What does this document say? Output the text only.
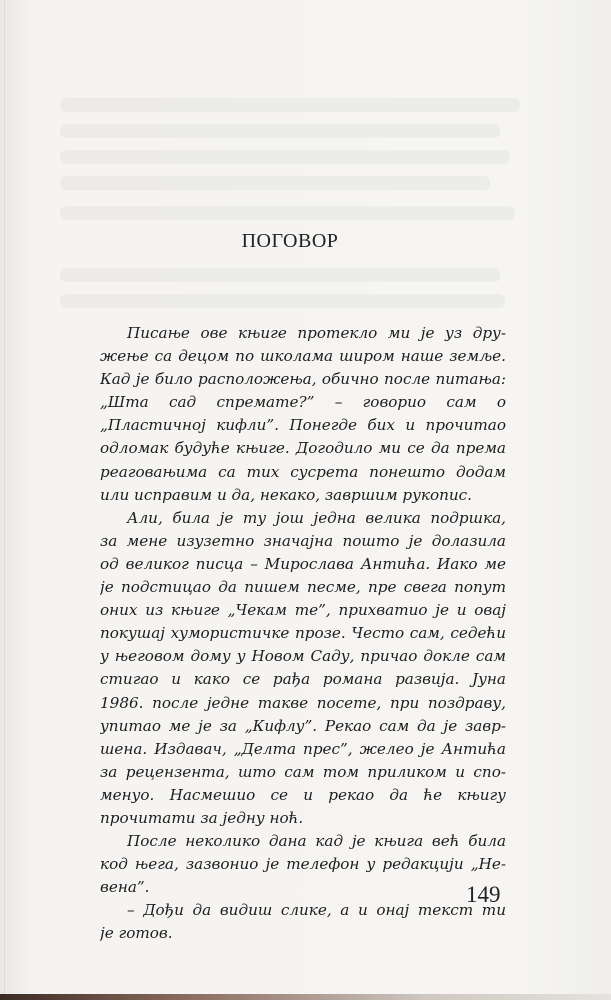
ПОГОВОР
Писање ове књиге протекло ми је уз дру-
жење са децом по школама широм наше земље.
Кад је било расположења, обично после питања:
„Шта сад спремате?” – говорио сам о
„Пластичној кифли”. Понегде бих и прочитао
одломак будуће књиге. Догодило ми се да према
реаговањима са тих сусрета понешто додам
или исправим и да, некако, завршим рукопис.
Али, била је ту још једна велика подршка,
за мене изузетно значајна пошто је долазила
од великог писца – Мирослава Антића. Иако ме
је подстицао да пишем песме, пре свега попут
оних из књиге „Чекам те”, прихватио је и овај
покушај хумористичке прозе. Често сам, седећи
у његовом дому у Новом Саду, причао докле сам
стигао и како се рађа романа развија. Јуна
1986. после једне такве посете, при поздраву,
упитао ме је за „Кифлу”. Рекао сам да је завр-
шена. Издавач, „Делта прес”, желео је Антића
за рецензента, што сам том приликом и спо-
менуо. Насмешио се и рекао да ће књигу
прочитати за једну ноћ.
После неколико дана кад је књига већ била
код њега, зазвонио је телефон у редакцији „Не-
вена”.
– Дођи да видиш слике, а и онај текст ти
је готов.
149
